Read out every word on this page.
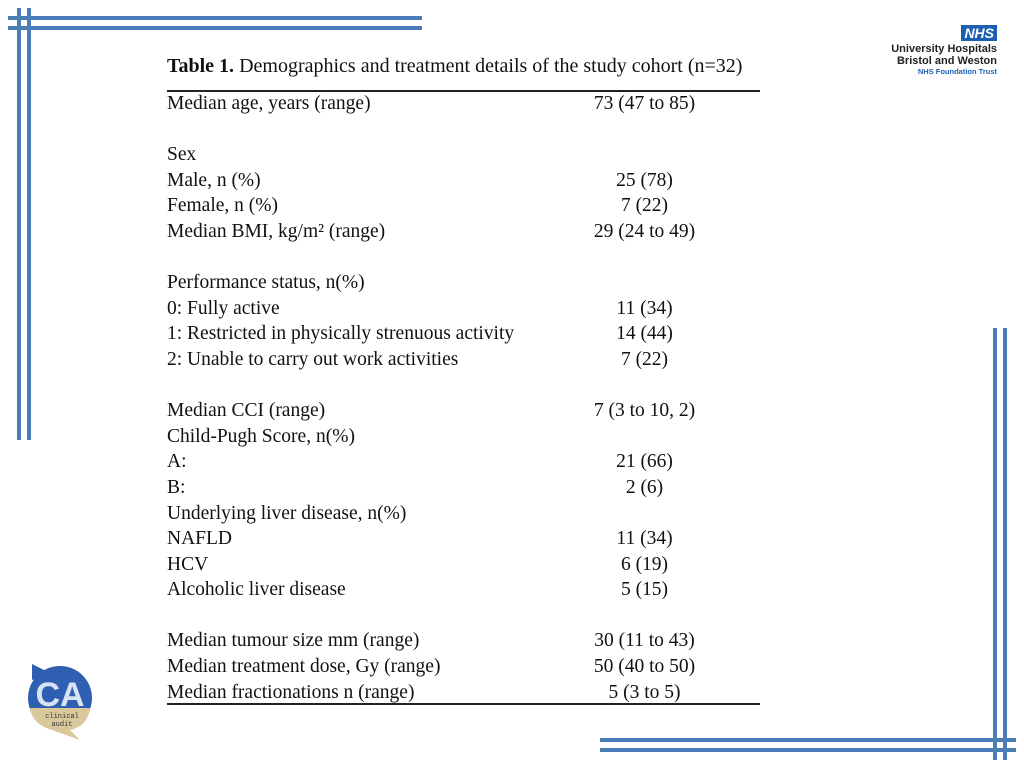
NHS
University Hospitals
Bristol and Weston
NHS Foundation Trust
CA
clinical
audit
Table 1. Demographics and treatment details of the study cohort (n=32)
Median age, years (range)	73 (47 to 85)
Sex
Male, n (%)	25 (78)
Female, n (%)	7 (22)
Median BMI, kg/m² (range)	29 (24 to 49)
Performance status, n(%)
0: Fully active	11 (34)
1: Restricted in physically strenuous activity	14 (44)
2: Unable to carry out work activities	7 (22)
Median CCI (range)	7 (3 to 10, 2)
Child-Pugh Score, n(%)
A:	21 (66)
B:	2 (6)
Underlying liver disease, n(%)
NAFLD	11 (34)
HCV	6 (19)
Alcoholic liver disease	5 (15)
Median tumour size mm (range)	30 (11 to 43)
Median treatment dose, Gy (range)	50 (40 to 50)
Median fractionations n (range)	5 (3 to 5)
